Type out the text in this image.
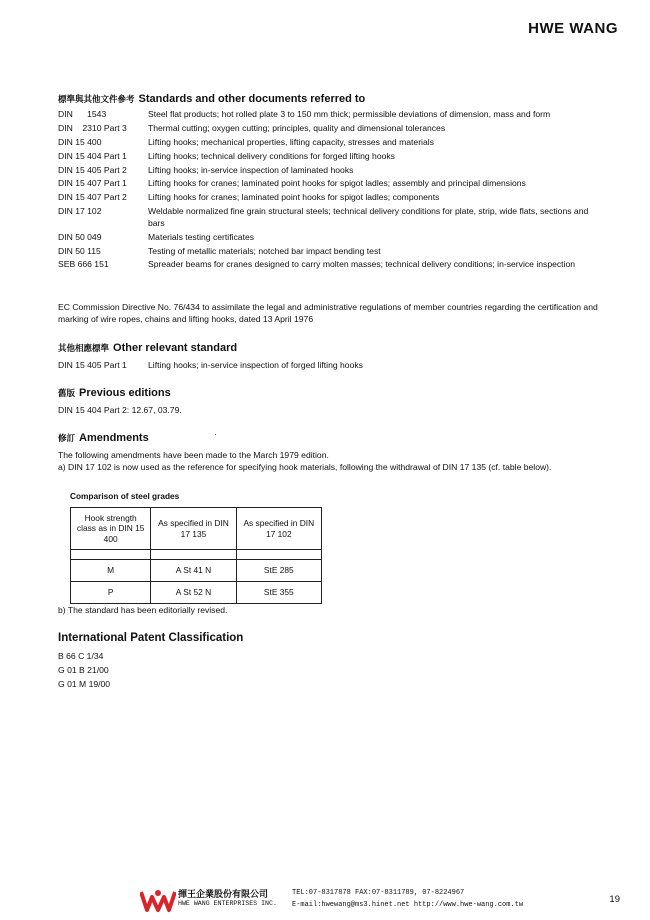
HWE WANG
標準與其他文件參考 Standards and other documents referred to
DIN      1543	Steel flat products; hot rolled plate 3 to 150 mm thick; permissible deviations of dimension, mass and form
DIN    2310 Part 3	Thermal cutting; oxygen cutting; principles, quality and dimensional tolerances
DIN 15 400	Lifting hooks; mechanical properties, lifting capacity, stresses and materials
DIN 15 404 Part 1	Lifting hooks; technical delivery conditions for forged lifting hooks
DIN 15 405 Part 2	Lifting hooks; in-service inspection of laminated hooks
DIN 15 407 Part 1	Lifting hooks for cranes; laminated point hooks for spigot ladles; assembly and principal dimensions
DIN 15 407 Part 2	Lifting hooks for cranes; laminated point hooks for spigot ladles; components
DIN 17 102	Weldable normalized fine grain structural steels; technical delivery conditions for plate, strip, wide flats, sections and bars
DIN 50 049	Materials testing certificates
DIN 50 115	Testing of metallic materials; notched bar impact bending test
SEB 666 151	Spreader beams for cranes designed to carry molten masses; technical delivery conditions; in-service inspection
EC Commission Directive No. 76/434 to assimilate the legal and administrative regulations of member countries regarding the certification and marking of wire ropes, chains and lifting hooks, dated 13 April 1976
其他相應標準 Other relevant standard
DIN 15 405 Part 1 Lifting hooks; in-service inspection of forged lifting hooks
舊版 Previous editions
DIN 15 404 Part 2: 12.67, 03.79.
修訂 Amendments
The following amendments have been made to the March 1979 edition.
a) DIN 17 102 is now used as the reference for specifying hook materials, following the withdrawal of DIN 17 135 (cf. table below).
Comparison of steel grades
Hook strength class as in DIN 15 400	As specified in DIN 17 135	As specified in DIN 17 102

M	A St 41 N	StE 285
P	A St 52 N	StE 355
b) The standard has been editorially revised.
International Patent Classification
B 66 C 1/34
G 01 B 21/00
G 01 M 19/00
揮王企業股份有限公司
HWE WANG ENTERPRISES INC.
TEL:07-8317878 FAX:07-8311789, 07-8224967
E-mail:hwewang@ms3.hinet.net http://www.hwe-wang.com.tw	19
